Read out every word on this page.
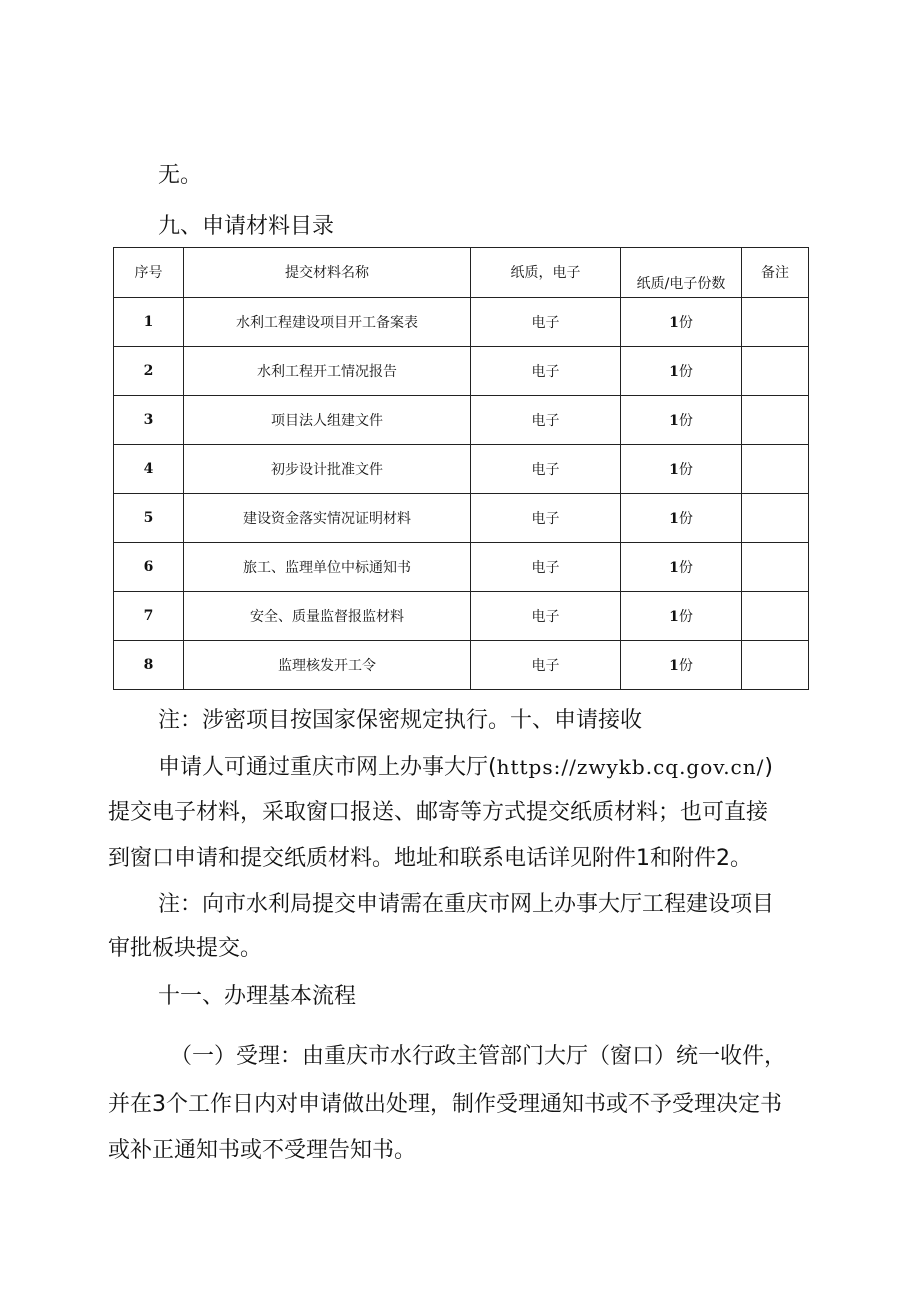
无。
九、申请材料目录
序号	提交材料名称	纸质，电子	纸质/电子份数	备注
1	水利工程建设项目开工备案表	电子	1份	
2	水利工程开工情况报告	电子	1份	
3	项目法人组建文件	电子	1份	
4	初步设计批准文件	电子	1份	
5	建设资金落实情况证明材料	电子	1份	
6	旅工、监理单位中标通知书	电子	1份	
7	安全、质量监督报监材料	电子	1份	
8	监理核发开工令	电子	1份	
注：涉密项目按国家保密规定执行。十、申请接收
申请人可通过重庆市网上办事大厅(https://zwykb.cq.gov.cn/)
提交电子材料，采取窗口报送、邮寄等方式提交纸质材料；也可直接
到窗口申请和提交纸质材料。地址和联系电话详见附件1和附件2。
注：向市水利局提交申请需在重庆市网上办事大厅工程建设项目
审批板块提交。
十一、办理基本流程
（一）受理：由重庆市水行政主管部门大厅（窗口）统一收件，
并在3个工作日内对申请做出处理，制作受理通知书或不予受理决定书
或补正通知书或不受理告知书。
